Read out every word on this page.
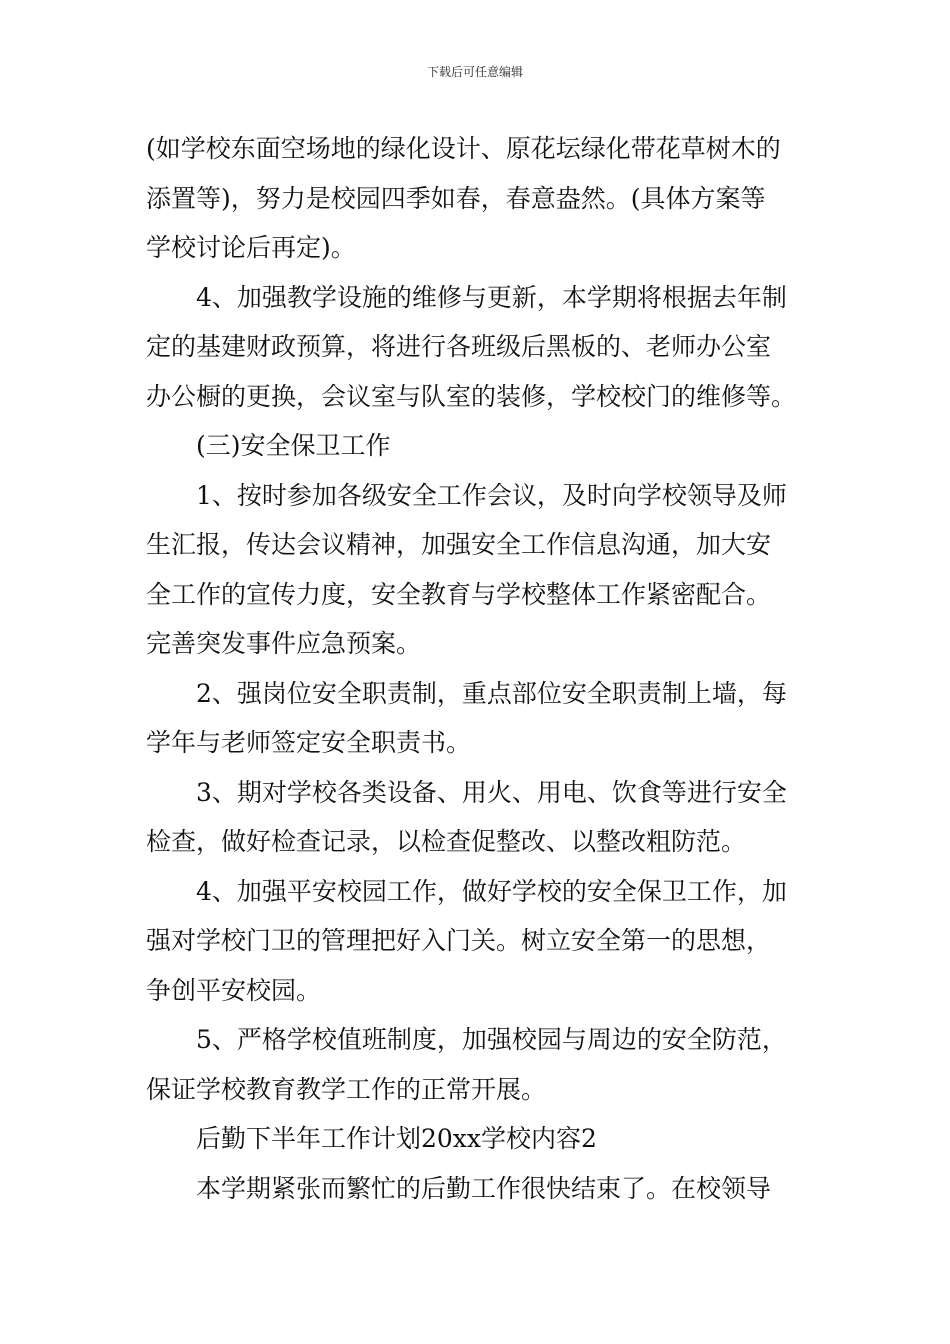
下载后可任意编辑
(如学校东面空场地的绿化设计、原花坛绿化带花草树木的
添置等)，努力是校园四季如春，春意盎然。(具体方案等
学校讨论后再定)。
4、加强教学设施的维修与更新，本学期将根据去年制
定的基建财政预算，将进行各班级后黑板的、老师办公室
办公橱的更换，会议室与队室的装修，学校校门的维修等。
(三)安全保卫工作
1、按时参加各级安全工作会议，及时向学校领导及师
生汇报，传达会议精神，加强安全工作信息沟通，加大安
全工作的宣传力度，安全教育与学校整体工作紧密配合。
完善突发事件应急预案。
2、强岗位安全职责制，重点部位安全职责制上墙，每
学年与老师签定安全职责书。
3、期对学校各类设备、用火、用电、饮食等进行安全
检查，做好检查记录，以检查促整改、以整改粗防范。
4、加强平安校园工作，做好学校的安全保卫工作，加
强对学校门卫的管理把好入门关。树立安全第一的思想，
争创平安校园。
5、严格学校值班制度，加强校园与周边的安全防范，
保证学校教育教学工作的正常开展。
后勤下半年工作计划20xx学校内容2
本学期紧张而繁忙的后勤工作很快结束了。在校领导
